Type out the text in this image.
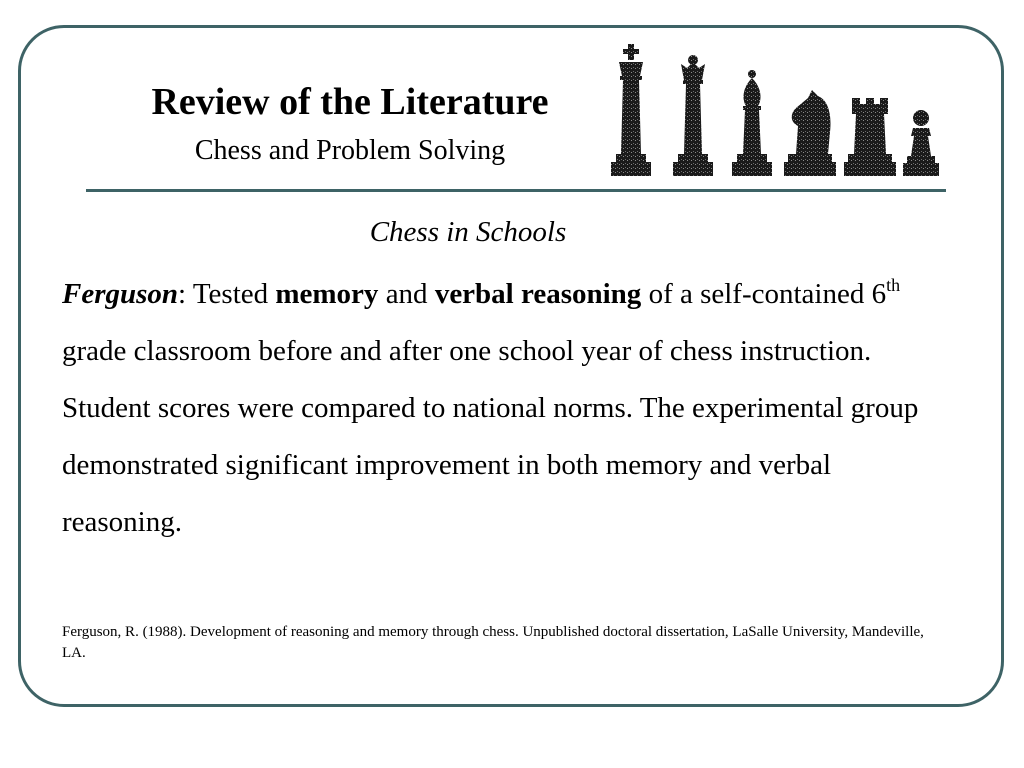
Review of the Literature
Chess and Problem Solving
Chess in Schools
Ferguson: Tested memory and verbal reasoning of a self-contained 6th grade classroom before and after one school year of chess instruction. Student scores were compared to national norms. The experimental group demonstrated significant improvement in both memory and verbal reasoning.
Ferguson, R. (1988). Development of reasoning and memory through chess. Unpublished doctoral dissertation, LaSalle University, Mandeville, LA.
